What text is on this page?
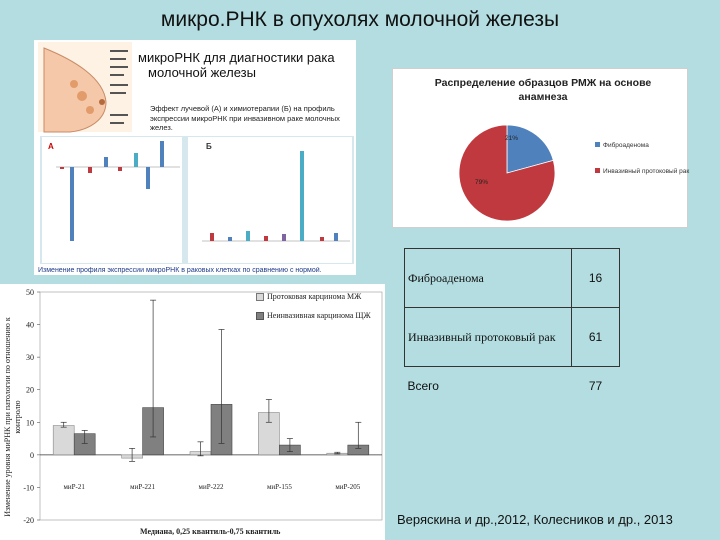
микро.РНК в опухолях молочной железы
микроРНК для диагностики рака
молочной железы
Эффект лучевой (А) и химиотерапии (Б) на профиль экспрессии микроРНК при инвазивном раке молочных желез.
А	Б
Изменение профиля экспрессии микроРНК в раковых клетках по сравнению с нормой.
Распределение образцов РМЖ на основе анамнеза
21%
79%
Фиброаденома
Инвазивный протоковый рак
-20
-10
0
10
20
30
40
50
миР-21	миР-221	миР-222	миР-155	миР-205
Изменение уровня миРНК при патологии по отношению к контролю
Протоковая карцинома МЖ
Неинвазивная карцинома ЩЖ
Медиана, 0,25 квантиль-0,75 квантиль
Фиброаденома	16
Инвазивный протоковый рак	61
Всего	77
Веряскина и др.,2012, Колесников и др., 2013
